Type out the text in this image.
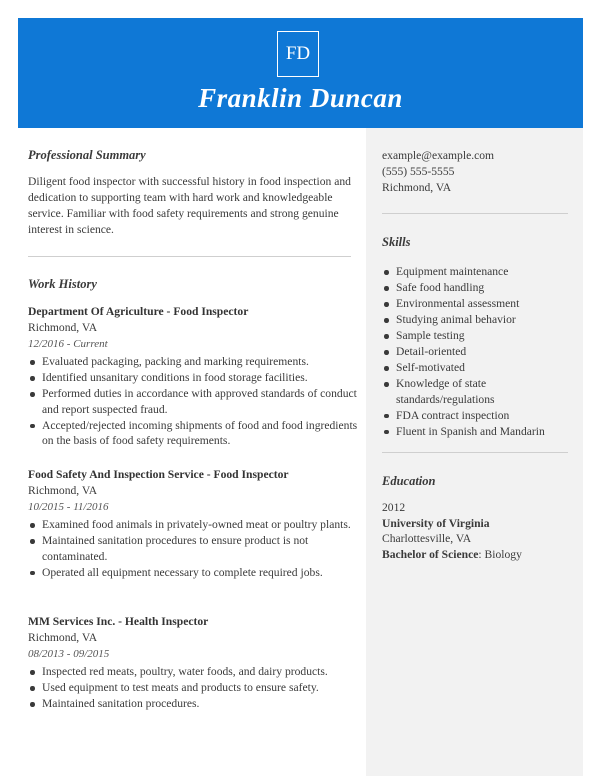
FD
Franklin Duncan
Professional Summary
Diligent food inspector with successful history in food inspection and dedication to supporting team with hard work and knowledgeable service. Familiar with food safety requirements and strong genuine interest in science.
Work History
Department Of Agriculture - Food Inspector
Richmond, VA
12/2016 - Current
Evaluated packaging, packing and marking requirements.
Identified unsanitary conditions in food storage facilities.
Performed duties in accordance with approved standards of conduct and report suspected fraud.
Accepted/rejected incoming shipments of food and food ingredients on the basis of food safety requirements.
Food Safety And Inspection Service - Food Inspector
Richmond, VA
10/2015 - 11/2016
Examined food animals in privately-owned meat or poultry plants.
Maintained sanitation procedures to ensure product is not contaminated.
Operated all equipment necessary to complete required jobs.
MM Services Inc. - Health Inspector
Richmond, VA
08/2013 - 09/2015
Inspected red meats, poultry, water foods, and dairy products.
Used equipment to test meats and products to ensure safety.
Maintained sanitation procedures.
example@example.com
(555) 555-5555
Richmond, VA
Skills
Equipment maintenance
Safe food handling
Environmental assessment
Studying animal behavior
Sample testing
Detail-oriented
Self-motivated
Knowledge of state standards/regulations
FDA contract inspection
Fluent in Spanish and Mandarin
Education
2012
University of Virginia
Charlottesville, VA
Bachelor of Science: Biology
